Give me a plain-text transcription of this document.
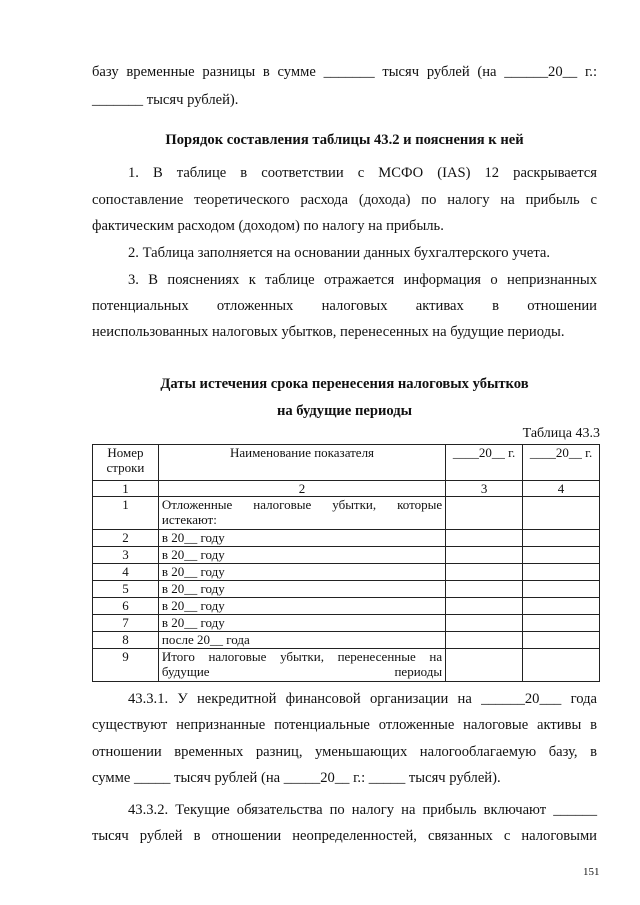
базу временные разницы в сумме _______ тысяч рублей (на ______20__ г.:
_______ тысяч рублей).
Порядок составления таблицы 43.2 и пояснения к ней
1. В таблице в соответствии с МСФО (IAS) 12 раскрывается
сопоставление теоретического расхода (дохода) по налогу на прибыль с
фактическим расходом (доходом) по налогу на прибыль.
2. Таблица заполняется на основании данных бухгалтерского учета.
3. В пояснениях к таблице отражается информация о непризнанных
потенциальных отложенных налоговых активах в отношении
неиспользованных налоговых убытков, перенесенных на будущие периоды.
Даты истечения срока перенесения налоговых убытков
на будущие периоды
Таблица 43.3
Номер строки	Наименование показателя	____20__ г.	____20__ г.
1	2	3	4
1	Отложенные налоговые убытки, которые истекают:		
2	в 20__ году		
3	в 20__ году		
4	в 20__ году		
5	в 20__ году		
6	в 20__ году		
7	в 20__ году		
8	после 20__ года		
9	Итого налоговые убытки, перенесенные на будущие периоды		
43.3.1. У некредитной финансовой организации на ______20___ года
существуют непризнанные потенциальные отложенные налоговые активы в
отношении временных разниц, уменьшающих налогооблагаемую базу, в
сумме _____ тысяч рублей (на _____20__ г.: _____ тысяч рублей).
43.3.2. Текущие обязательства по налогу на прибыль включают ______
тысяч рублей в отношении неопределенностей, связанных с налоговыми
151
